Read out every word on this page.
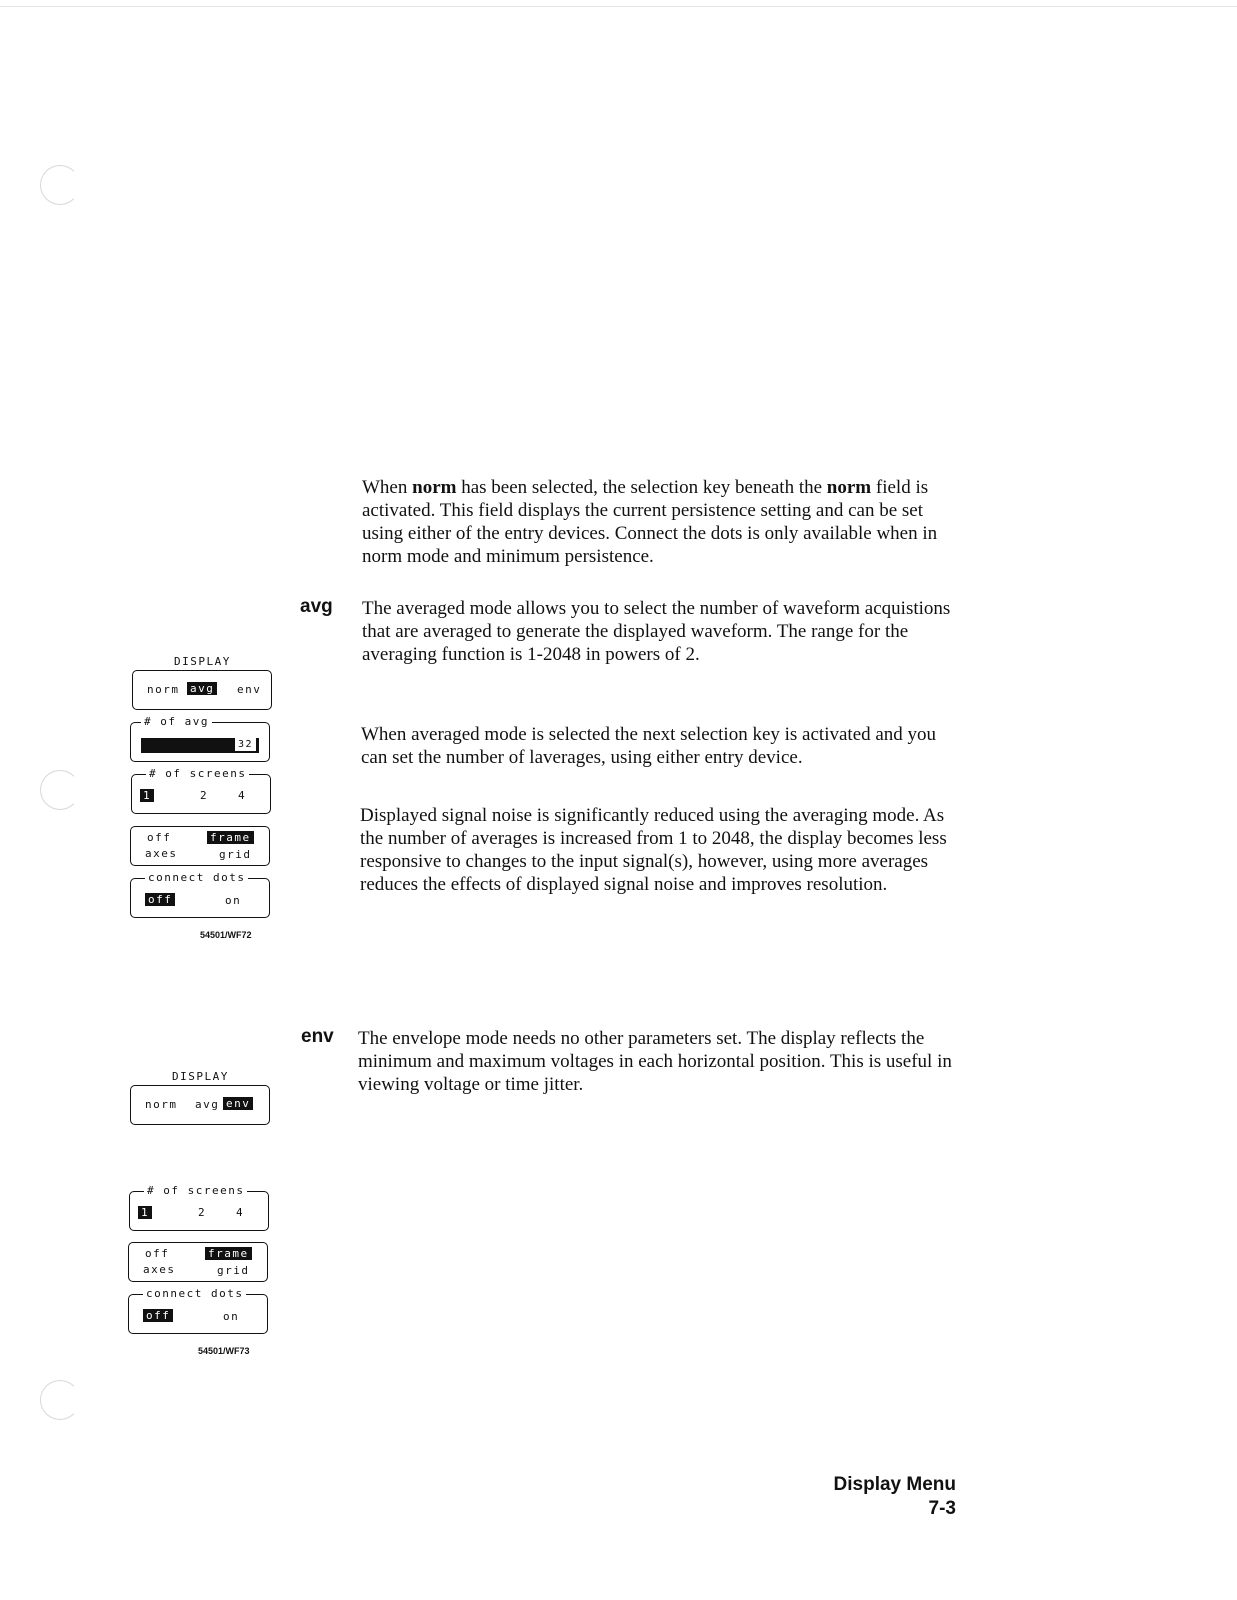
When norm has been selected, the selection key beneath the norm field is activated. This field displays the current persistence setting and can be set using either of the entry devices. Connect the dots is only available when in norm mode and minimum persistence.

avg The averaged mode allows you to select the number of waveform acquistions that are averaged to generate the displayed waveform. The range for the averaging function is 1-2048 in powers of 2.

When averaged mode is selected the next selection key is activated and you can set the number of laverages, using either entry device.

Displayed signal noise is significantly reduced using the averaging mode. As the number of averages is increased from 1 to 2048, the display becomes less responsive to changes to the input signal(s), however, using more averages reduces the effects of displayed signal noise and improves resolution.

env The envelope mode needs no other parameters set. The display reflects the minimum and maximum voltages in each horizontal position. This is useful in viewing voltage or time jitter.

DISPLAY
norm avg env
# of avg
32
# of screens
1	2	4
off	frame
axes	grid
connect dots
off	on
54501/WF72
DISPLAY
norm avg env
# of screens
1	2	4
off	frame
axes	grid
connect dots
off	on
54501/WF73
Display Menu
7-3
